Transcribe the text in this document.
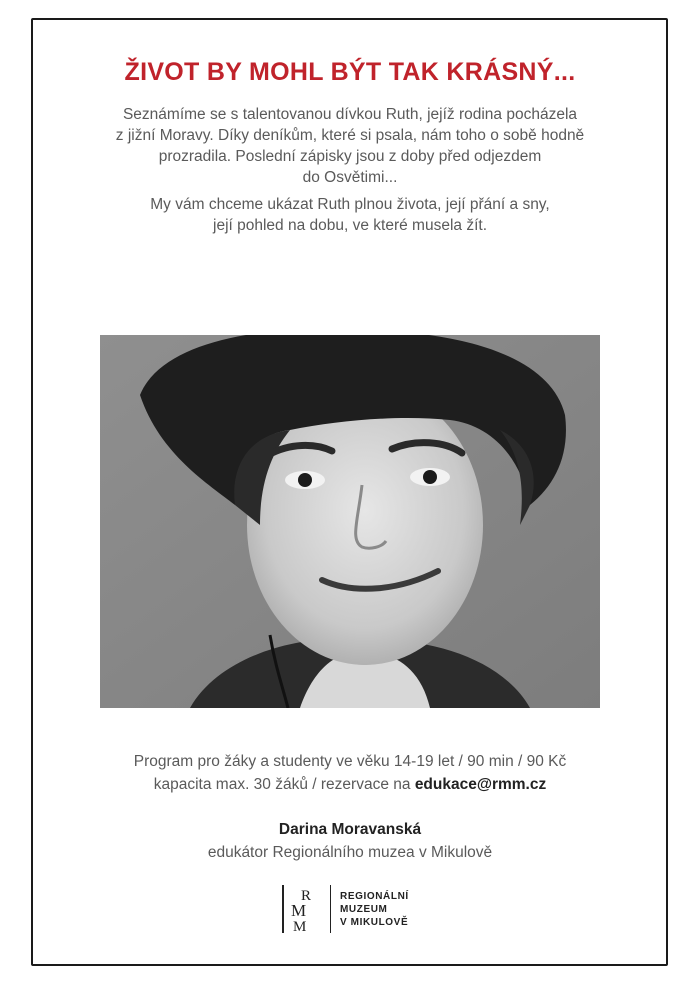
ŽIVOT BY MOHL BÝT TAK KRÁSNÝ...

Seznámíme se s talentovanou dívkou Ruth, jejíž rodina pocházela
z jižní Moravy. Díky deníkům, které si psala, nám toho o sobě hodně
prozradila. Poslední zápisky jsou z doby před odjezdem
do Osvětimi...

My vám chceme ukázat Ruth plnou života, její přání a sny,
její pohled na dobu, ve které musela žít.

Program pro žáky a studenty ve věku 14-19 let / 90 min / 90 Kč
kapacita max. 30 žáků / rezervace na edukace@rmm.cz
Darina Moravanská
edukátor Regionálního muzea v Mikulově
R
M
M
REGIONÁLNÍ
MUZEUM
V MIKULOVĚ
